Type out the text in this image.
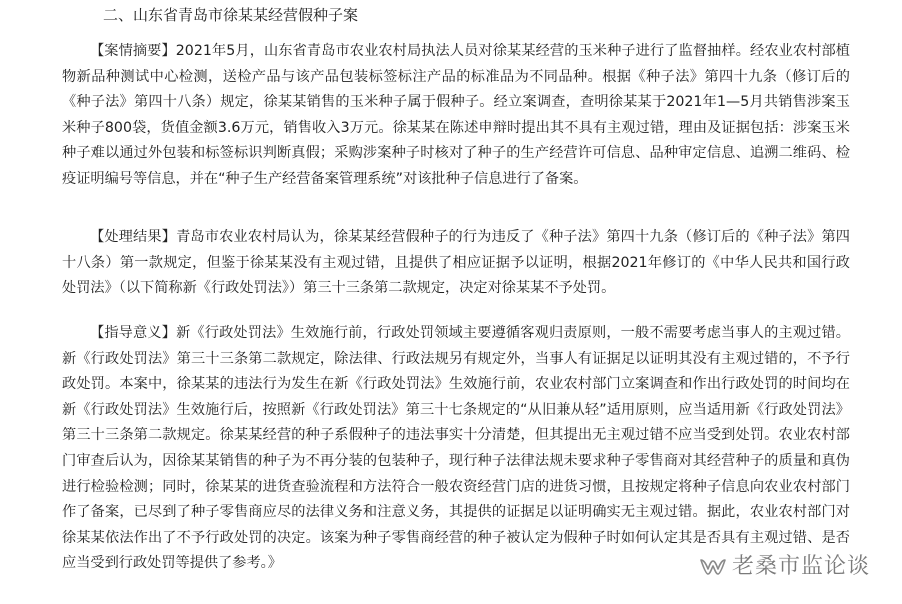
二、山东省青岛市徐某某经营假种子案

【案情摘要】2021年5月，山东省青岛市农业农村局执法人员对徐某某经营的玉米种子进行了监督抽样。经农业农村部植物新品种测试中心检测，送检产品与该产品包装标签标注产品的标准品为不同品种。根据《种子法》第四十九条（修订后的《种子法》第四十八条）规定，徐某某销售的玉米种子属于假种子。经立案调查，查明徐某某于2021年1—5月共销售涉案玉米种子800袋，货值金额3.6万元，销售收入3万元。徐某某在陈述申辩时提出其不具有主观过错，理由及证据包括：涉案玉米种子难以通过外包装和标签标识判断真假；采购涉案种子时核对了种子的生产经营许可信息、品种审定信息、追溯二维码、检疫证明编号等信息，并在“种子生产经营备案管理系统”对该批种子信息进行了备案。

【处理结果】青岛市农业农村局认为，徐某某经营假种子的行为违反了《种子法》第四十九条（修订后的《种子法》第四十八条）第一款规定，但鉴于徐某某没有主观过错，且提供了相应证据予以证明，根据2021年修订的《中华人民共和国行政处罚法》（以下简称新《行政处罚法》）第三十三条第二款规定，决定对徐某某不予处罚。

【指导意义】新《行政处罚法》生效施行前，行政处罚领域主要遵循客观归责原则，一般不需要考虑当事人的主观过错。新《行政处罚法》第三十三条第二款规定，除法律、行政法规另有规定外，当事人有证据足以证明其没有主观过错的，不予行政处罚。本案中，徐某某的违法行为发生在新《行政处罚法》生效施行前，农业农村部门立案调查和作出行政处罚的时间均在新《行政处罚法》生效施行后，按照新《行政处罚法》第三十七条规定的“从旧兼从轻”适用原则，应当适用新《行政处罚法》第三十三条第二款规定。徐某某经营的种子系假种子的违法事实十分清楚，但其提出无主观过错不应当受到处罚。农业农村部门审查后认为，因徐某某销售的种子为不再分装的包装种子，现行种子法律法规未要求种子零售商对其经营种子的质量和真伪进行检验检测；同时，徐某某的进货查验流程和方法符合一般农资经营门店的进货习惯，且按规定将种子信息向农业农村部门作了备案，已尽到了种子零售商应尽的法律义务和注意义务，其提供的证据足以证明确实无主观过错。据此，农业农村部门对徐某某依法作出了不予行政处罚的决定。该案为种子零售商经营的种子被认定为假种子时如何认定其是否具有主观过错、是否应当受到行政处罚等提供了参考。》	老桑市监论谈
